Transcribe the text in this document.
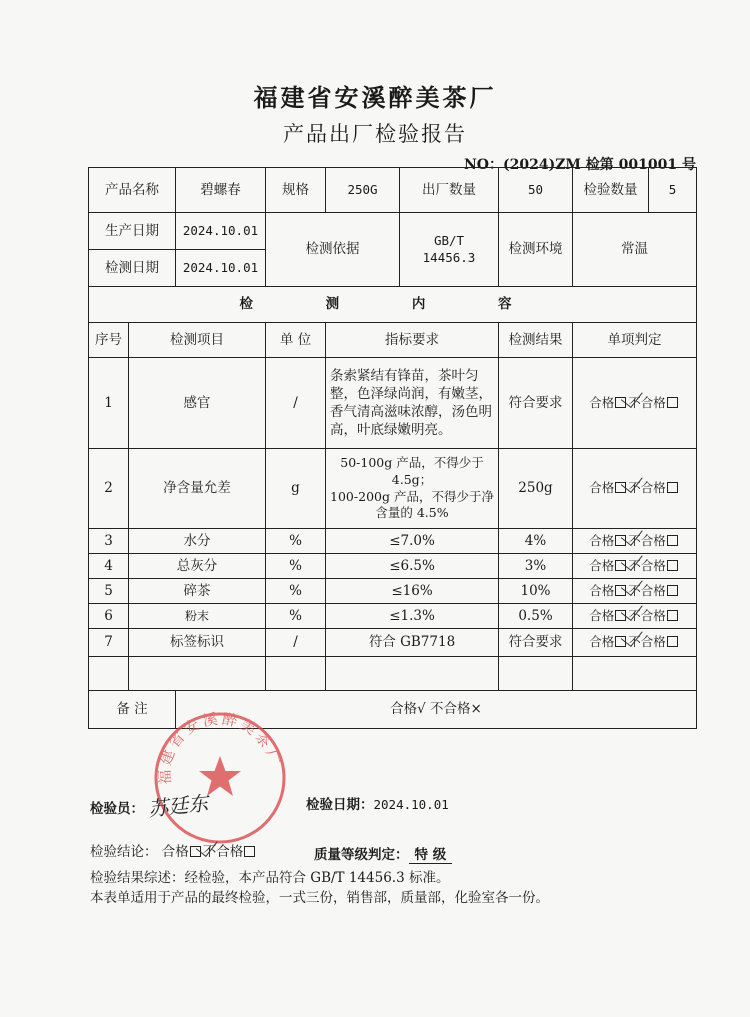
福建省安溪醉美茶厂
产品出厂检验报告
NO：(2024)ZM 检第 001001 号
产品名称		碧螺春	规格	250G	出厂数量	50	检验数量	5
生产日期		2024.10.01	检测依据		GB/T 14456.3	检测环境	常温	
检测日期		2024.10.01						
检 测 内 容								
序号	检测项目		单 位	指标要求		检测结果	单项判定	
1	感官		/	条索紧结有锋苗，茶叶匀整，色泽绿尚润，有嫩茎，香气清高滋味浓醇，汤色明高，叶底绿嫩明亮。		符合要求	合格 不合格	
2	净含量允差		g	50-100g 产品，不得少于 4.5g；
100-200g 产品，不得少于净含量的 4.5%		250g	合格 不合格	
3	水分		%	≤7.0%		4%	合格 不合格	
4	总灰分		%	≤6.5%		3%	合格 不合格	
5	碎茶		%	≤16%		10%	合格 不合格	
6	粉末		%	≤1.3%		0.5%	合格 不合格	
7	标签标识		/	符合 GB7718		符合要求	合格 不合格	

备 注		合格√ 不合格×						
福建省安溪醉美茶厂
检验员： 苏廷东	检验日期：2024.10.01
检验结论： 合格 不合格	质量等级判定： 特 级
检验结果综述：经检验，本产品符合 GB/T 14456.3 标准。
本表单适用于产品的最终检验，一式三份，销售部，质量部，化验室各一份。
